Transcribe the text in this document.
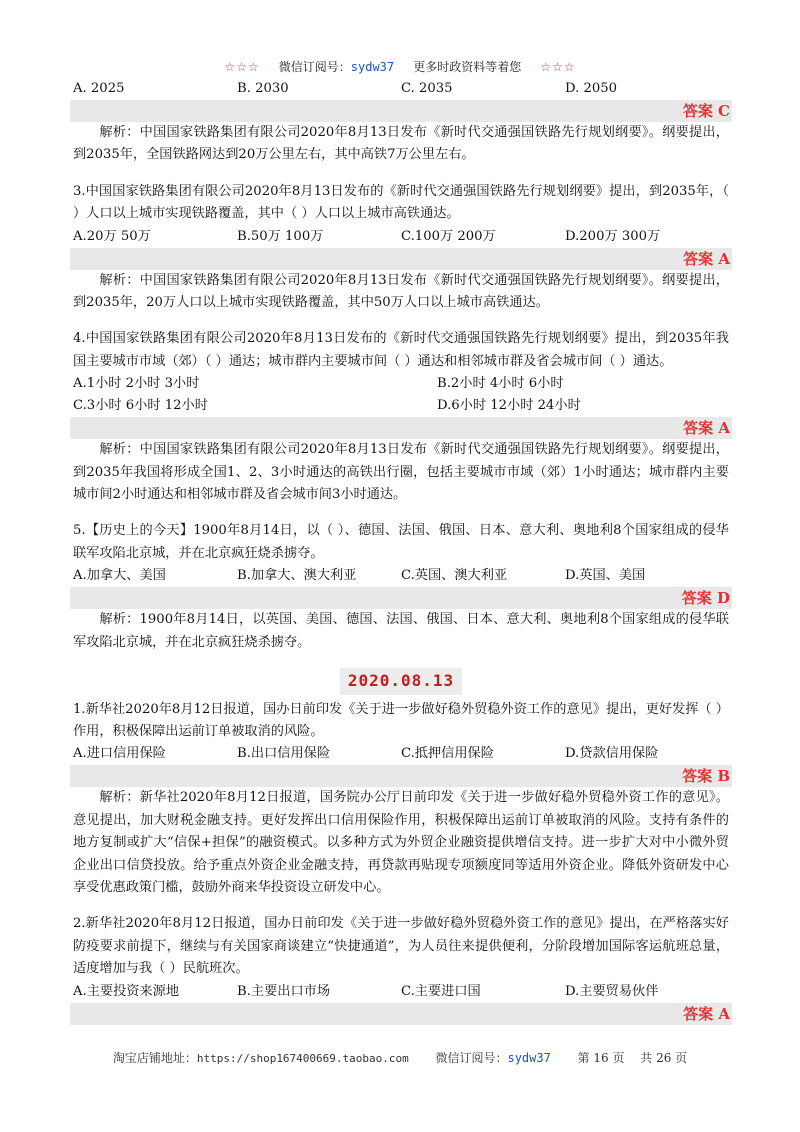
☆☆☆ 微信订阅号：sydw37 更多时政资料等着您 ☆☆☆
A. 2025	B. 2030	C. 2035	D. 2050
答案 C
解析：中国国家铁路集团有限公司2020年8月13日发布《新时代交通强国铁路先行规划纲要》。纲要提出，到2035年，全国铁路网达到20万公里左右，其中高铁7万公里左右。
3.中国国家铁路集团有限公司2020年8月13日发布的《新时代交通强国铁路先行规划纲要》提出，到2035年，（ ）人口以上城市实现铁路覆盖，其中（ ）人口以上城市高铁通达。
A.20万 50万	B.50万 100万	C.100万 200万	D.200万 300万
答案 A
解析：中国国家铁路集团有限公司2020年8月13日发布《新时代交通强国铁路先行规划纲要》。纲要提出，到2035年，20万人口以上城市实现铁路覆盖，其中50万人口以上城市高铁通达。
4.中国国家铁路集团有限公司2020年8月13日发布的《新时代交通强国铁路先行规划纲要》提出，到2035年我国主要城市市域（郊）（ ）通达；城市群内主要城市间（ ）通达和相邻城市群及省会城市间（ ）通达。
A.1小时 2小时 3小时	B.2小时 4小时 6小时
C.3小时 6小时 12小时	D.6小时 12小时 24小时
答案 A
解析：中国国家铁路集团有限公司2020年8月13日发布《新时代交通强国铁路先行规划纲要》。纲要提出，到2035年我国将形成全国1、2、3小时通达的高铁出行圈，包括主要城市市域（郊）1小时通达；城市群内主要城市间2小时通达和相邻城市群及省会城市间3小时通达。
5.【历史上的今天】1900年8月14日，以（ ）、德国、法国、俄国、日本、意大利、奥地利8个国家组成的侵华联军攻陷北京城，并在北京疯狂烧杀掳夺。
A.加拿大、美国	B.加拿大、澳大利亚	C.英国、澳大利亚	D.英国、美国
答案 D
解析：1900年8月14日，以英国、美国、德国、法国、俄国、日本、意大利、奥地利8个国家组成的侵华联军攻陷北京城，并在北京疯狂烧杀掳夺。
2020.08.13
1.新华社2020年8月12日报道，国办日前印发《关于进一步做好稳外贸稳外资工作的意见》提出，更好发挥（ ）作用，积极保障出运前订单被取消的风险。
A.进口信用保险	B.出口信用保险	C.抵押信用保险	D.贷款信用保险
答案 B
解析：新华社2020年8月12日报道，国务院办公厅日前印发《关于进一步做好稳外贸稳外资工作的意见》。意见提出，加大财税金融支持。更好发挥出口信用保险作用，积极保障出运前订单被取消的风险。支持有条件的地方复制或扩大“信保+担保”的融资模式。以多种方式为外贸企业融资提供增信支持。进一步扩大对中小微外贸企业出口信贷投放。给予重点外资企业金融支持，再贷款再贴现专项额度同等适用外资企业。降低外资研发中心享受优惠政策门槛，鼓励外商来华投资设立研发中心。
2.新华社2020年8月12日报道，国办日前印发《关于进一步做好稳外贸稳外资工作的意见》提出，在严格落实好防疫要求前提下，继续与有关国家商谈建立“快捷通道”，为人员往来提供便利，分阶段增加国际客运航班总量，适度增加与我（ ）民航班次。
A.主要投资来源地	B.主要出口市场	C.主要进口国	D.主要贸易伙伴
答案 A
淘宝店铺地址：https://shop167400669.taobao.com 微信订阅号：sydw37 第 16 页　 共 26 页
